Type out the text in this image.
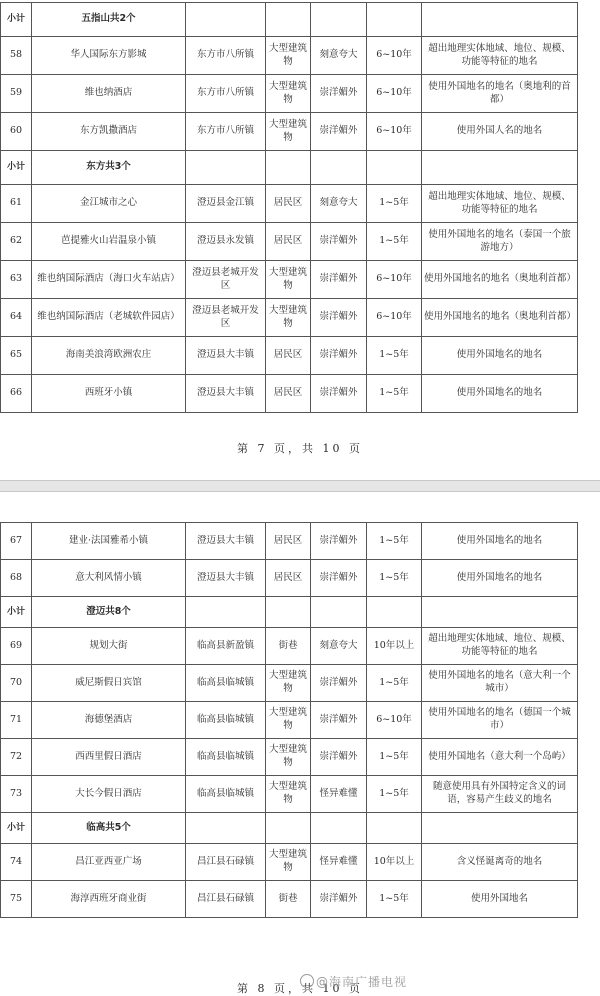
小计	五指山共2个					
58	华人国际东方影城	东方市八所镇	大型建筑物	刻意夸大	6~10年	超出地理实体地域、地位、规模、功能等特征的地名
59	维也纳酒店	东方市八所镇	大型建筑物	崇洋媚外	6~10年	使用外国地名的地名（奥地利的首都）
60	东方凯撒酒店	东方市八所镇	大型建筑物	崇洋媚外	6~10年	使用外国人名的地名
小计	东方共3个					
61	金江城市之心	澄迈县金江镇	居民区	刻意夸大	1~5年	超出地理实体地域、地位、规模、功能等特征的地名
62	芭提雅火山岩温泉小镇	澄迈县永发镇	居民区	崇洋媚外	1~5年	使用外国地名的地名（泰国一个旅游地方）
63	维也纳国际酒店（海口火车站店）	澄迈县老城开发区	大型建筑物	崇洋媚外	6~10年	使用外国地名的地名（奥地利首都）
64	维也纳国际酒店（老城软件园店）	澄迈县老城开发区	大型建筑物	崇洋媚外	6~10年	使用外国地名的地名（奥地利首都）
65	海南美浪湾欧洲农庄	澄迈县大丰镇	居民区	崇洋媚外	1~5年	使用外国地名的地名
66	西班牙小镇	澄迈县大丰镇	居民区	崇洋媚外	1~5年	使用外国地名的地名
第 7 页，共 10 页
67	建业·法国雅希小镇	澄迈县大丰镇	居民区	崇洋媚外	1~5年	使用外国地名的地名
68	意大利风情小镇	澄迈县大丰镇	居民区	崇洋媚外	1~5年	使用外国地名的地名
小计	澄迈共8个					
69	规划大街	临高县新盈镇	街巷	刻意夸大	10年以上	超出地理实体地域、地位、规模、功能等特征的地名
70	威尼斯假日宾馆	临高县临城镇	大型建筑物	崇洋媚外	1~5年	使用外国地名的地名（意大利一个城市）
71	海德堡酒店	临高县临城镇	大型建筑物	崇洋媚外	6~10年	使用外国地名的地名（德国一个城市）
72	西西里假日酒店	临高县临城镇	大型建筑物	崇洋媚外	1~5年	使用外国地名（意大利一个岛屿）
73	大长今假日酒店	临高县临城镇	大型建筑物	怪异难懂	1~5年	随意使用具有外国特定含义的词语，容易产生歧义的地名
小计	临高共5个					
74	昌江亚西亚广场	昌江县石碌镇	大型建筑物	怪异难懂	10年以上	含义怪诞离奇的地名
75	海淳西班牙商业街	昌江县石碌镇	街巷	崇洋媚外	1~5年	使用外国地名
第 8 页，共 10 页
@海南广播电视
